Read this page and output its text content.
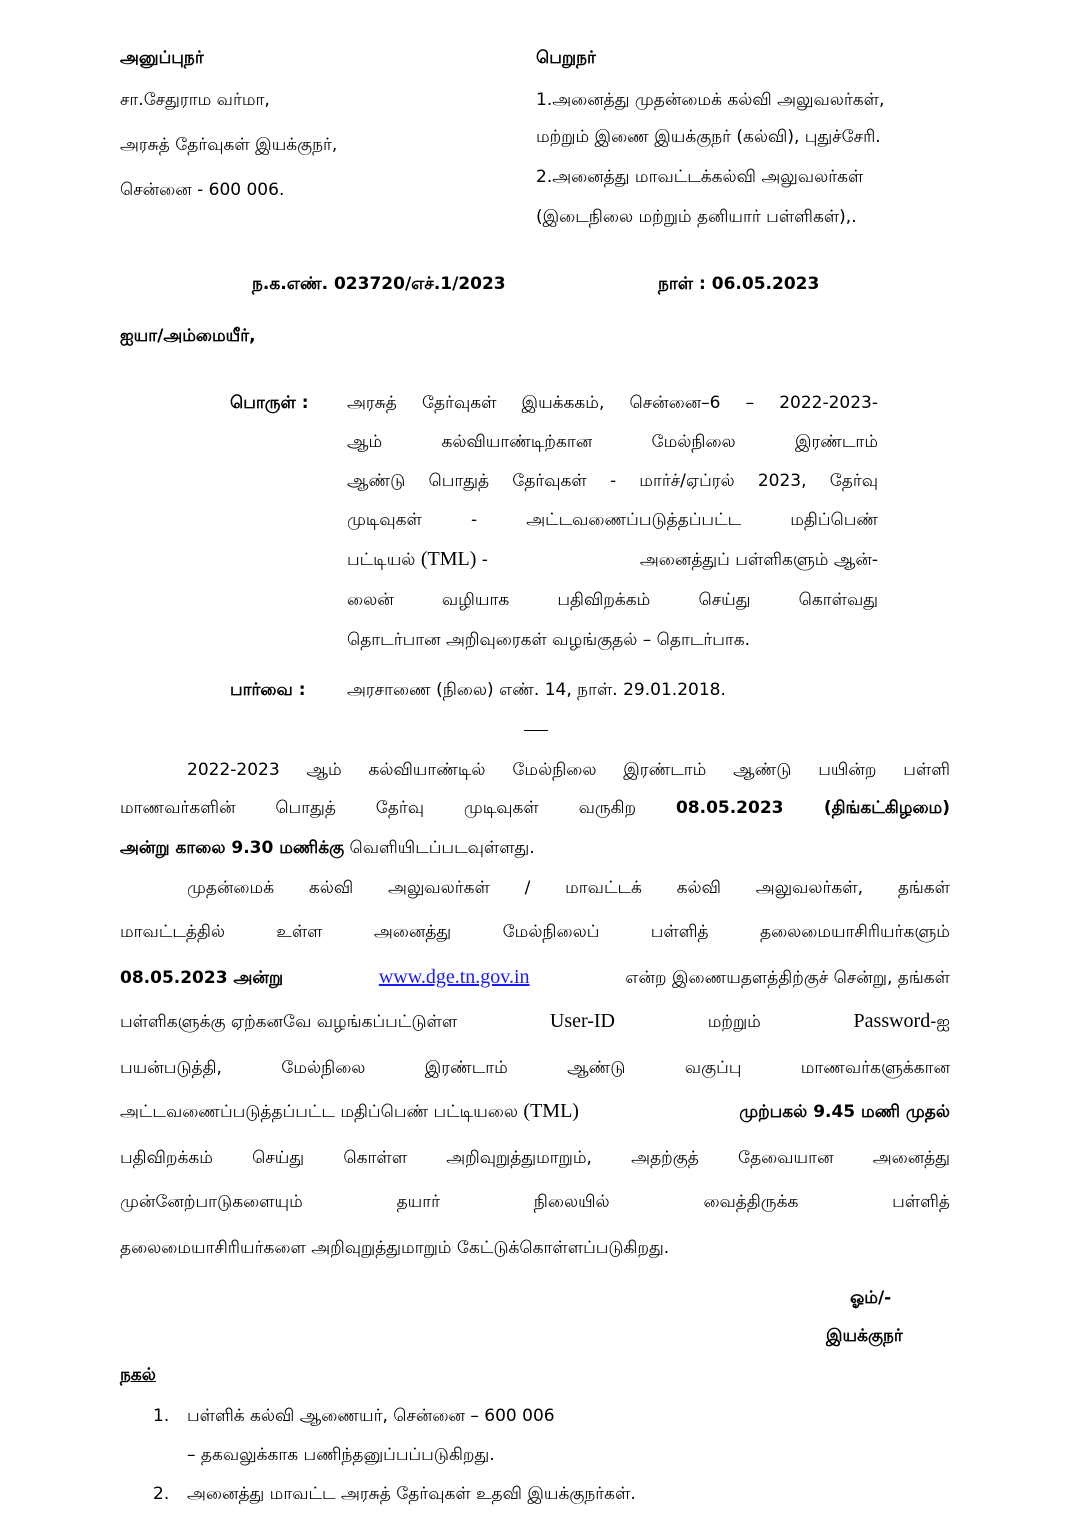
அனுப்புநர்
சா.சேதுராம வர்மா,
அரசுத் தேர்வுகள் இயக்குநர்,
சென்னை - 600 006.
பெறுநர்
1.அனைத்து முதன்மைக் கல்வி அலுவலர்கள்,
மற்றும் இணை இயக்குநர் (கல்வி), புதுச்சேரி.
2.அனைத்து மாவட்டக்கல்வி அலுவலர்கள்
(இடைநிலை மற்றும் தனியார் பள்ளிகள்),.
ந.க.எண். 023720/எச்.1/2023	நாள் : 06.05.2023
ஐயா/அம்மையீர்,
பொருள் : அரசுத் தேர்வுகள் இயக்ககம், சென்னை–6 – 2022-2023-
ஆம் கல்வியாண்டிற்கான மேல்நிலை இரண்டாம்
ஆண்டு பொதுத் தேர்வுகள் - மார்ச்/ஏப்ரல் 2023, தேர்வு
முடிவுகள் - அட்டவணைப்படுத்தப்பட்ட மதிப்பெண்
பட்டியல் (TML) -	அனைத்துப் பள்ளிகளும் ஆன்-
லைன் வழியாக பதிவிறக்கம் செய்து கொள்வது
தொடர்பான அறிவுரைகள் வழங்குதல் – தொடர்பாக.
பார்வை : அரசாணை (நிலை) எண். 14, நாள். 29.01.2018.
2022-2023 ஆம் கல்வியாண்டில் மேல்நிலை இரண்டாம் ஆண்டு பயின்ற பள்ளி
மாணவர்களின் பொதுத் தேர்வு முடிவுகள் வருகிற 08.05.2023 (திங்கட்கிழமை)
அன்று காலை 9.30 மணிக்கு வெளியிடப்படவுள்ளது.
முதன்மைக் கல்வி அலுவலர்கள் / மாவட்டக் கல்வி அலுவலர்கள், தங்கள்
மாவட்டத்தில் உள்ள அனைத்து மேல்நிலைப் பள்ளித் தலைமையாசிரியர்களும்
08.05.2023 அன்று	www.dge.tn.gov.in	என்ற இணையதளத்திற்குச் சென்று, தங்கள்
பள்ளிகளுக்கு ஏற்கனவே வழங்கப்பட்டுள்ள	User-ID	மற்றும்	Password-ஐ
பயன்படுத்தி, மேல்நிலை இரண்டாம் ஆண்டு வகுப்பு மாணவர்களுக்கான
அட்டவணைப்படுத்தப்பட்ட மதிப்பெண் பட்டியலை (TML)	முற்பகல் 9.45 மணி முதல்
பதிவிறக்கம் செய்து கொள்ள அறிவுறுத்துமாறும், அதற்குத் தேவையான அனைத்து
முன்னேற்பாடுகளையும் தயார் நிலையில் வைத்திருக்க பள்ளித்
தலைமையாசிரியர்களை அறிவுறுத்துமாறும் கேட்டுக்கொள்ளப்படுகிறது.
ஓம்/-
இயக்குநர்
நகல்
1. பள்ளிக் கல்வி ஆணையர், சென்னை – 600 006
– தகவலுக்காக பணிந்தனுப்பப்படுகிறது.
2. அனைத்து மாவட்ட அரசுத் தேர்வுகள் உதவி இயக்குநர்கள்.
